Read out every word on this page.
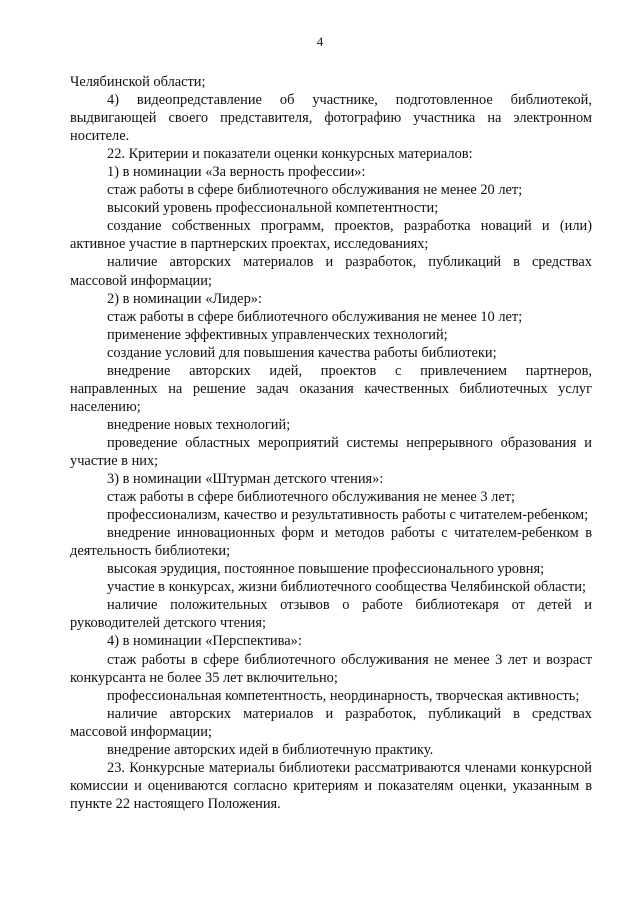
4

Челябинской области;

4) видеопредставление об участнике, подготовленное библиотекой, выдвигающей своего представителя, фотографию участника на электронном носителе.

22. Критерии и показатели оценки конкурсных материалов:

1) в номинации «За верность профессии»:

стаж работы в сфере библиотечного обслуживания не менее 20 лет;

высокий уровень профессиональной компетентности;

создание собственных программ, проектов, разработка новаций и (или) активное участие в партнерских проектах, исследованиях;

наличие авторских материалов и разработок, публикаций в средствах массовой информации;

2) в номинации «Лидер»:

стаж работы в сфере библиотечного обслуживания не менее 10 лет;

применение эффективных управленческих технологий;

создание условий для повышения качества работы библиотеки;

внедрение авторских идей, проектов с привлечением партнеров, направленных на решение задач оказания качественных библиотечных услуг населению;

внедрение новых технологий;

проведение областных мероприятий системы непрерывного образования и участие в них;

3) в номинации «Штурман детского чтения»:

стаж работы в сфере библиотечного обслуживания не менее 3 лет;

профессионализм, качество и результативность работы с читателем-ребенком;

внедрение инновационных форм и методов работы с читателем-ребенком в деятельность библиотеки;

высокая эрудиция, постоянное повышение профессионального уровня;

участие в конкурсах, жизни библиотечного сообщества Челябинской области;

наличие положительных отзывов о работе библиотекаря от детей и руководителей детского чтения;

4) в номинации «Перспектива»:

стаж работы в сфере библиотечного обслуживания не менее 3 лет и возраст конкурсанта не более 35 лет включительно;

профессиональная компетентность, неординарность, творческая активность;

наличие авторских материалов и разработок, публикаций в средствах массовой информации;

внедрение авторских идей в библиотечную практику.

23. Конкурсные материалы библиотеки рассматриваются членами конкурсной комиссии и оцениваются согласно критериям и показателям оценки, указанным в пункте 22 настоящего Положения.
